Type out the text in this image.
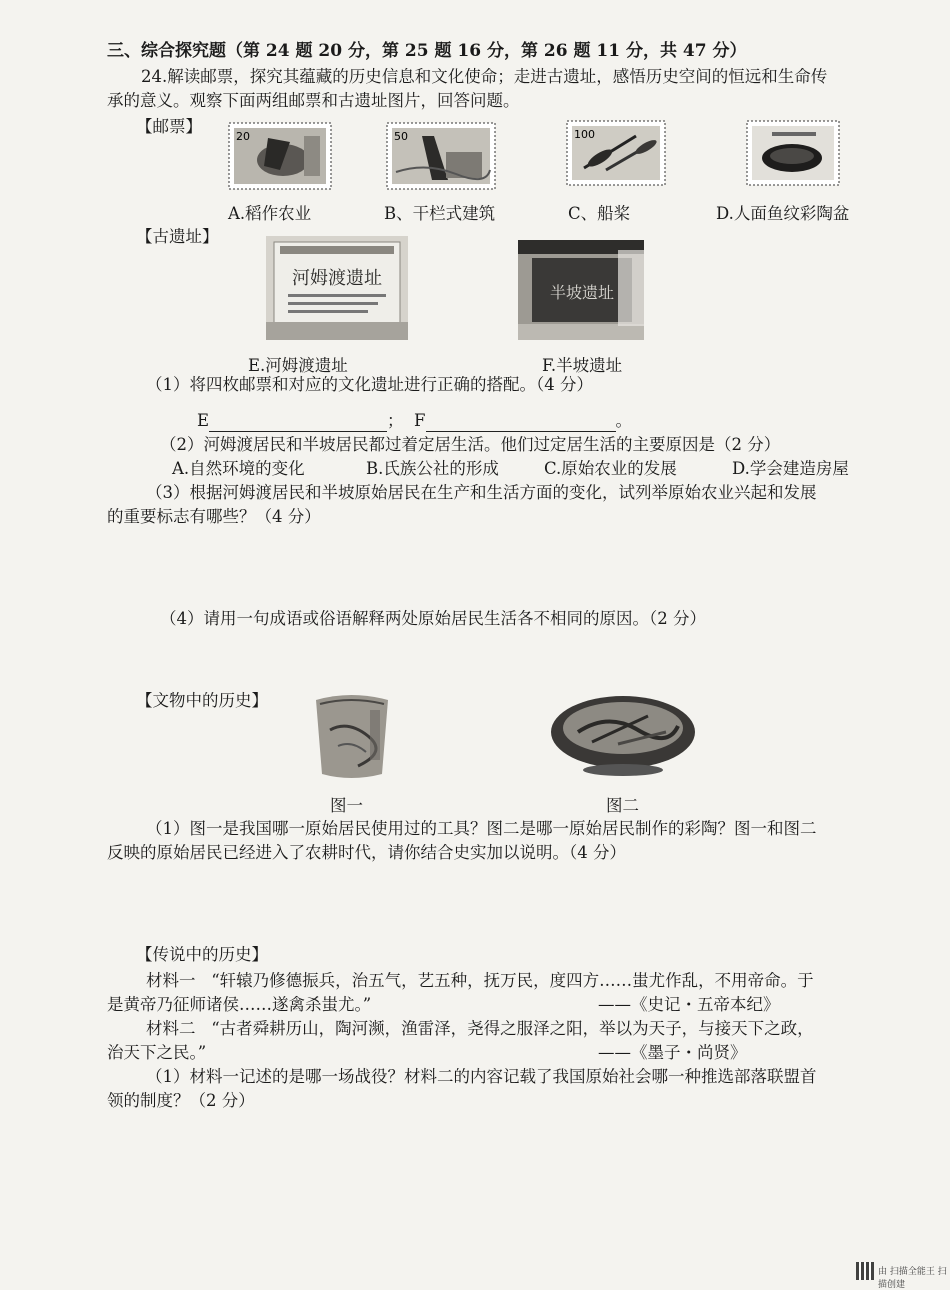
三、综合探究题（第 24 题 20 分，第 25 题 16 分，第 26 题 11 分，共 47 分）
24.解读邮票，探究其蕴藏的历史信息和文化使命；走进古遗址，感悟历史空间的恒远和生命传
承的意义。观察下面两组邮票和古遗址图片，回答问题。
【邮票】
20
A.稻作农业
50
B、干栏式建筑
100
C、船桨	D.人面鱼纹彩陶盆
【古遗址】
河姆渡遗址
E.河姆渡遗址
半坡遗址
F.半坡遗址
（1）将四枚邮票和对应的文化遗址进行正确的搭配。（4 分）
E	； F	。
（2）河姆渡居民和半坡居民都过着定居生活。他们过定居生活的主要原因是（2 分）
A.自然环境的变化	B.氏族公社的形成	C.原始农业的发展	D.学会建造房屋
（3）根据河姆渡居民和半坡原始居民在生产和生活方面的变化，试列举原始农业兴起和发展
的重要标志有哪些？（4 分）
（4）请用一句成语或俗语解释两处原始居民生活各不相同的原因。（2 分）
【文物中的历史】
图一	图二
（1）图一是我国哪一原始居民使用过的工具？图二是哪一原始居民制作的彩陶？图一和图二
反映的原始居民已经进入了农耕时代，请你结合史实加以说明。（4 分）
【传说中的历史】
材料一 “轩辕乃修德振兵，治五气，艺五种，抚万民，度四方……蚩尤作乱，不用帝命。于
是黄帝乃征师诸侯……遂禽杀蚩尤。”	——《史记・五帝本纪》
材料二 “古者舜耕历山，陶河濒，渔雷泽，尧得之服泽之阳，举以为天子，与接天下之政，
治天下之民。”	——《墨子・尚贤》
（1）材料一记述的是哪一场战役？材料二的内容记载了我国原始社会哪一种推选部落联盟首
领的制度？（2 分）
由 扫描全能王 扫描创建
